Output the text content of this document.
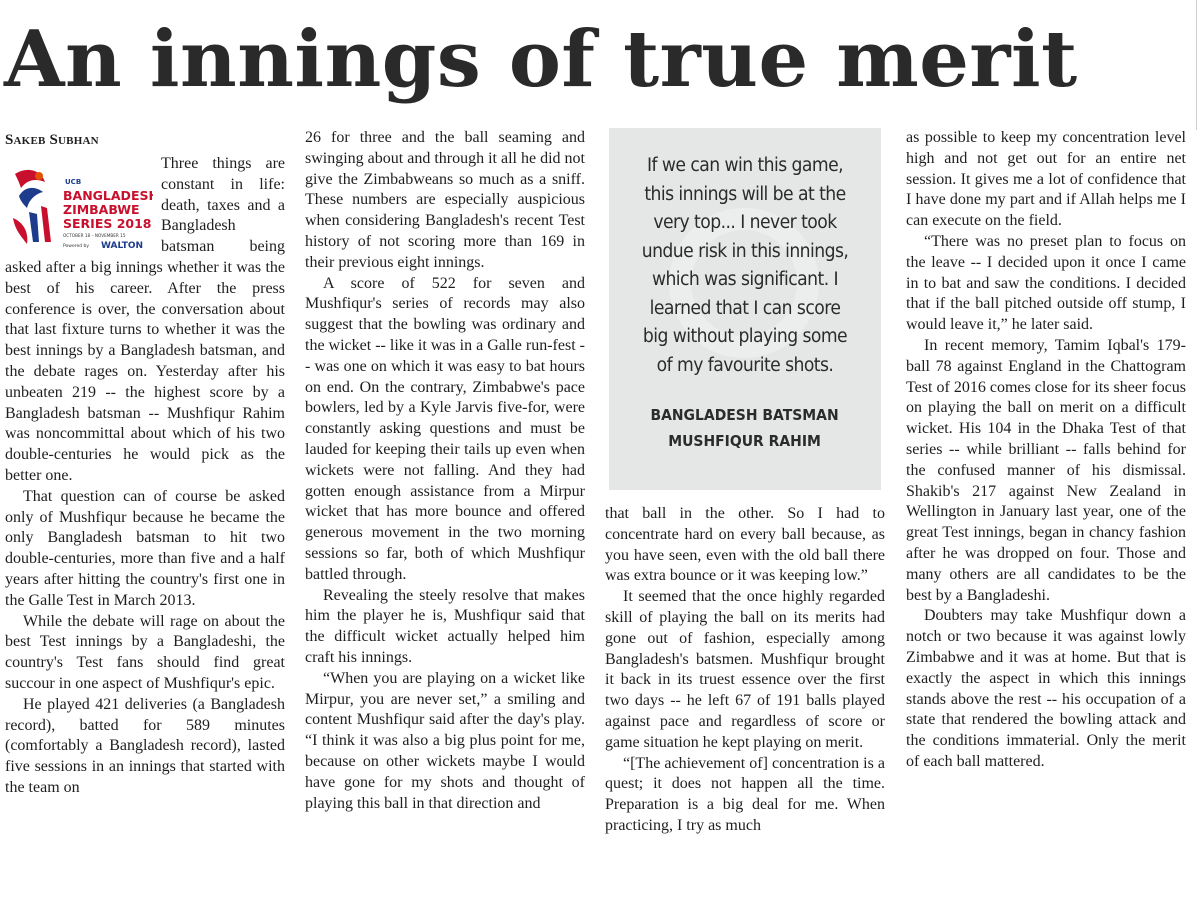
An innings of true merit
Sakeb Subhan
UCB
BANGLADESH
ZIMBABWE
SERIES 2018
OCTOBER 18 – NOVEMBER 15
Powered by WALTON

Three things are constant in life: death, taxes and a Bangladesh batsman being asked after a big innings whether it was the best of his career. After the press conference is over, the conversation about that last fixture turns to whether it was the best innings by a Bangladesh batsman, and the debate rages on. Yesterday after his unbeaten 219 -- the highest score by a Bangladesh batsman -- Mushfiqur Rahim was noncommittal about which of his two double-centuries he would pick as the better one.

That question can of course be asked only of Mushfiqur because he became the only Bangladesh batsman to hit two double-centuries, more than five and a half years after hitting the country's first one in the Galle Test in March 2013.

While the debate will rage on about the best Test innings by a Bangladeshi, the country's Test fans should find great succour in one aspect of Mushfiqur's epic.

He played 421 deliveries (a Bangladesh record), batted for 589 minutes (comfortably a Bangladesh record), lasted five sessions in an innings that started with the team on

26 for three and the ball seaming and swinging about and through it all he did not give the Zimbabweans so much as a sniff. These numbers are especially auspicious when considering Bangladesh's recent Test history of not scoring more than 169 in their previous eight innings.

A score of 522 for seven and Mushfiqur's series of records may also suggest that the bowling was ordinary and the wicket -- like it was in a Galle run-fest -- was one on which it was easy to bat hours on end. On the contrary, Zimbabwe's pace bowlers, led by a Kyle Jarvis five-for, were constantly asking questions and must be lauded for keeping their tails up even when wickets were not falling. And they had gotten enough assistance from a Mirpur wicket that has more bounce and offered generous movement in the two morning sessions so far, both of which Mushfiqur battled through.

Revealing the steely resolve that makes him the player he is, Mushfiqur said that the difficult wicket actually helped him craft his innings.

“When you are playing on a wicket like Mirpur, you are never set,” a smiling and content Mushfiqur said after the day's play. “I think it was also a big plus point for me, because on other wickets maybe I would have gone for my shots and thought of playing this ball in that direction and

If we can win this game, this innings will be at the very top... I never took undue risk in this innings, which was significant. I learned that I can score big without playing some of my favourite shots.
BANGLADESH BATSMAN
MUSHFIQUR RAHIM

that ball in the other. So I had to concentrate hard on every ball because, as you have seen, even with the old ball there was extra bounce or it was keeping low.”

It seemed that the once highly regarded skill of playing the ball on its merits had gone out of fashion, especially among Bangladesh's batsmen. Mushfiqur brought it back in its truest essence over the first two days -- he left 67 of 191 balls played against pace and regardless of score or game situation he kept playing on merit.

“[The achievement of] concentration is a quest; it does not happen all the time. Preparation is a big deal for me. When practicing, I try as much

as possible to keep my concentration level high and not get out for an entire net session. It gives me a lot of confidence that I have done my part and if Allah helps me I can execute on the field.

“There was no preset plan to focus on the leave -- I decided upon it once I came in to bat and saw the conditions. I decided that if the ball pitched outside off stump, I would leave it,” he later said.

In recent memory, Tamim Iqbal's 179-ball 78 against England in the Chattogram Test of 2016 comes close for its sheer focus on playing the ball on merit on a difficult wicket. His 104 in the Dhaka Test of that series -- while brilliant -- falls behind for the confused manner of his dismissal. Shakib's 217 against New Zealand in Wellington in January last year, one of the great Test innings, began in chancy fashion after he was dropped on four. Those and many others are all candidates to be the best by a Bangladeshi.

Doubters may take Mushfiqur down a notch or two because it was against lowly Zimbabwe and it was at home. But that is exactly the aspect in which this innings stands above the rest -- his occupation of a state that rendered the bowling attack and the conditions immaterial. Only the merit of each ball mattered.
